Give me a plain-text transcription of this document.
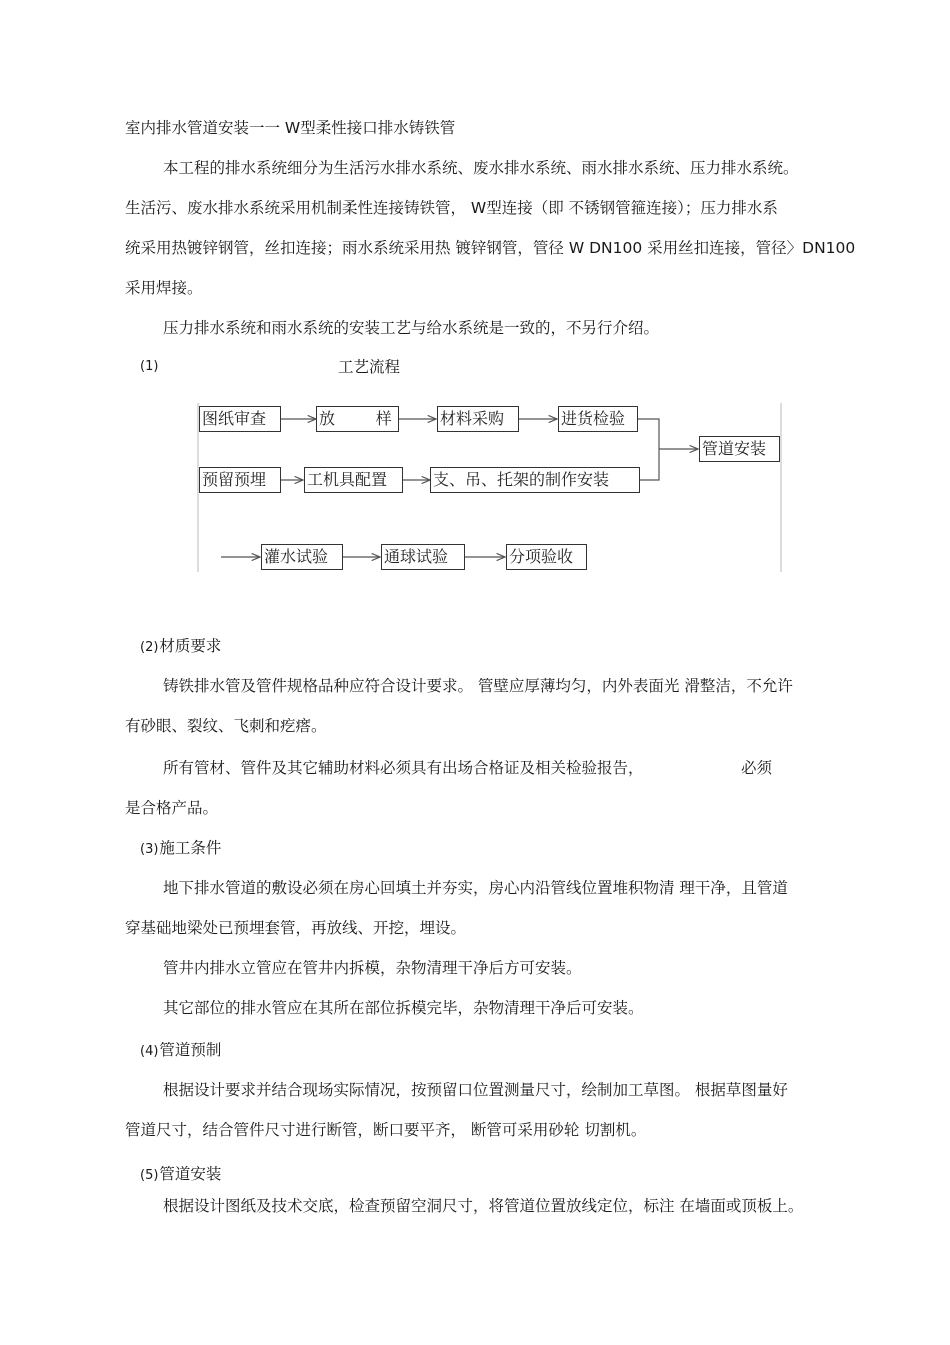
室内排水管道安装一一 W型柔性接口排水铸铁管
本工程的排水系统细分为生活污水排水系统、废水排水系统、雨水排水系统、压力排水系统。
生活污、废水排水系统采用机制柔性连接铸铁管， W型连接（即 不锈钢管箍连接）；压力排水系
统采用热镀锌钢管，丝扣连接；雨水系统采用热 镀锌钢管，管径 W DN100 采用丝扣连接，管径〉DN100
采用焊接。
压力排水系统和雨水系统的安装工艺与给水系统是一致的，不另行介绍。
(1)	工艺流程
图纸审查	放        样	材料采购	进货检验
预留预埋	工机具配置	支、吊、托架的制作安装
管道安装
灌水试验	通球试验	分项验收
(2)材质要求
铸铁排水管及管件规格品种应符合设计要求。 管壁应厚薄均匀，内外表面光 滑整洁，不允许
有砂眼、裂纹、飞刺和疙瘩。
所有管材、管件及其它辅助材料必须具有出场合格证及相关检验报告，	必须
是合格产品。
(3)施工条件
地下排水管道的敷设必须在房心回填土并夯实，房心内沿管线位置堆积物清 理干净，且管道
穿基础地梁处已预埋套管，再放线、开挖，埋设。
管井内排水立管应在管井内拆模，杂物清理干净后方可安装。
其它部位的排水管应在其所在部位拆模完毕，杂物清理干净后可安装。
(4)管道预制
根据设计要求并结合现场实际情况，按预留口位置测量尺寸，绘制加工草图。 根据草图量好
管道尺寸，结合管件尺寸进行断管，断口要平齐， 断管可采用砂轮 切割机。
(5)管道安装
根据设计图纸及技术交底，检查预留空洞尺寸，将管道位置放线定位，标注 在墙面或顶板上。
